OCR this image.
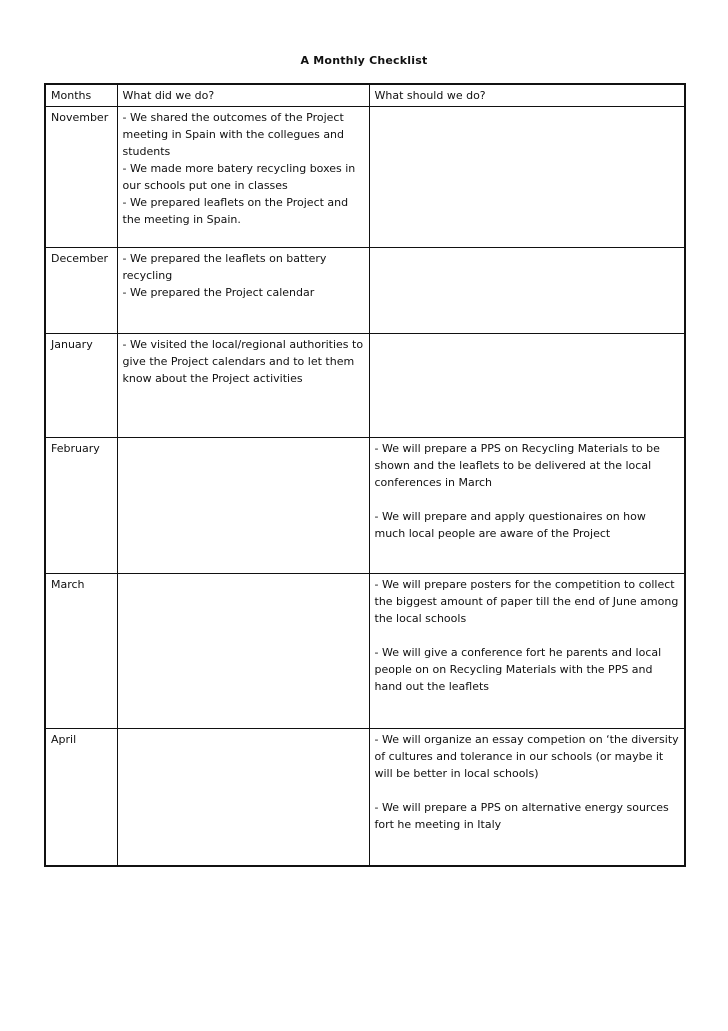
A Monthly Checklist
Months	What did we do?	What should we do?
November	- We shared the outcomes of the Project meeting in Spain with the collegues and students
- We made more batery recycling boxes in our schools put one in classes
- We prepared leaflets on the Project and the meeting in Spain.	

December	- We prepared the leaflets on battery recycling
- We prepared the Project calendar	

January	- We visited the local/regional authorities to give the Project calendars and to let them know about the Project activities	

February		- We will prepare a PPS on Recycling Materials to be shown and the leaflets to be delivered at the local conferences in March
- We will prepare and apply questionaires on how much local people are aware of the Project

March		- We will prepare posters for the competition to collect the biggest amount of paper till the end of June among the local schools
- We will give a conference fort he parents and local people on on Recycling Materials with the PPS and hand out the leaflets

April		- We will organize an essay competion on ‘the diversity of cultures and tolerance in our schools (or maybe it will be better in local schools)
- We will prepare a PPS on alternative energy sources fort he meeting in Italy
